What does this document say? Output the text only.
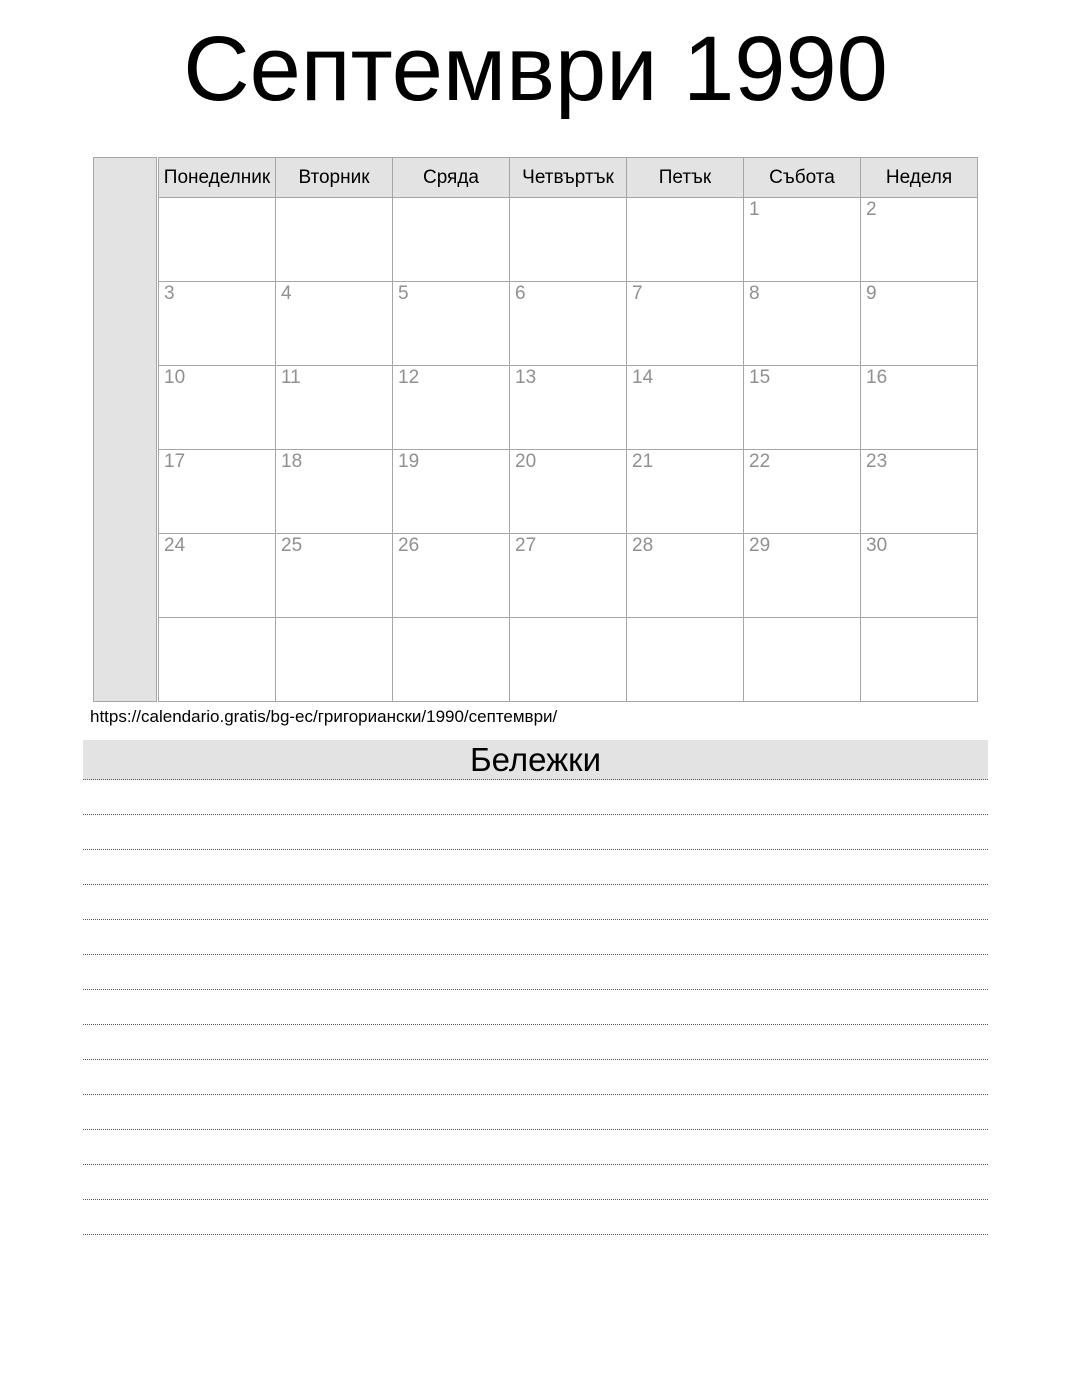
Септември 1990
Понеделник	Вторник	Сряда	Четвъртък	Петък	Събота	Неделя
					1	2
3	4	5	6	7	8	9
10	11	12	13	14	15	16
17	18	19	20	21	22	23
24	25	26	27	28	29	30

https://calendario.gratis/bg-ec/григориански/1990/септември/
Бележки
